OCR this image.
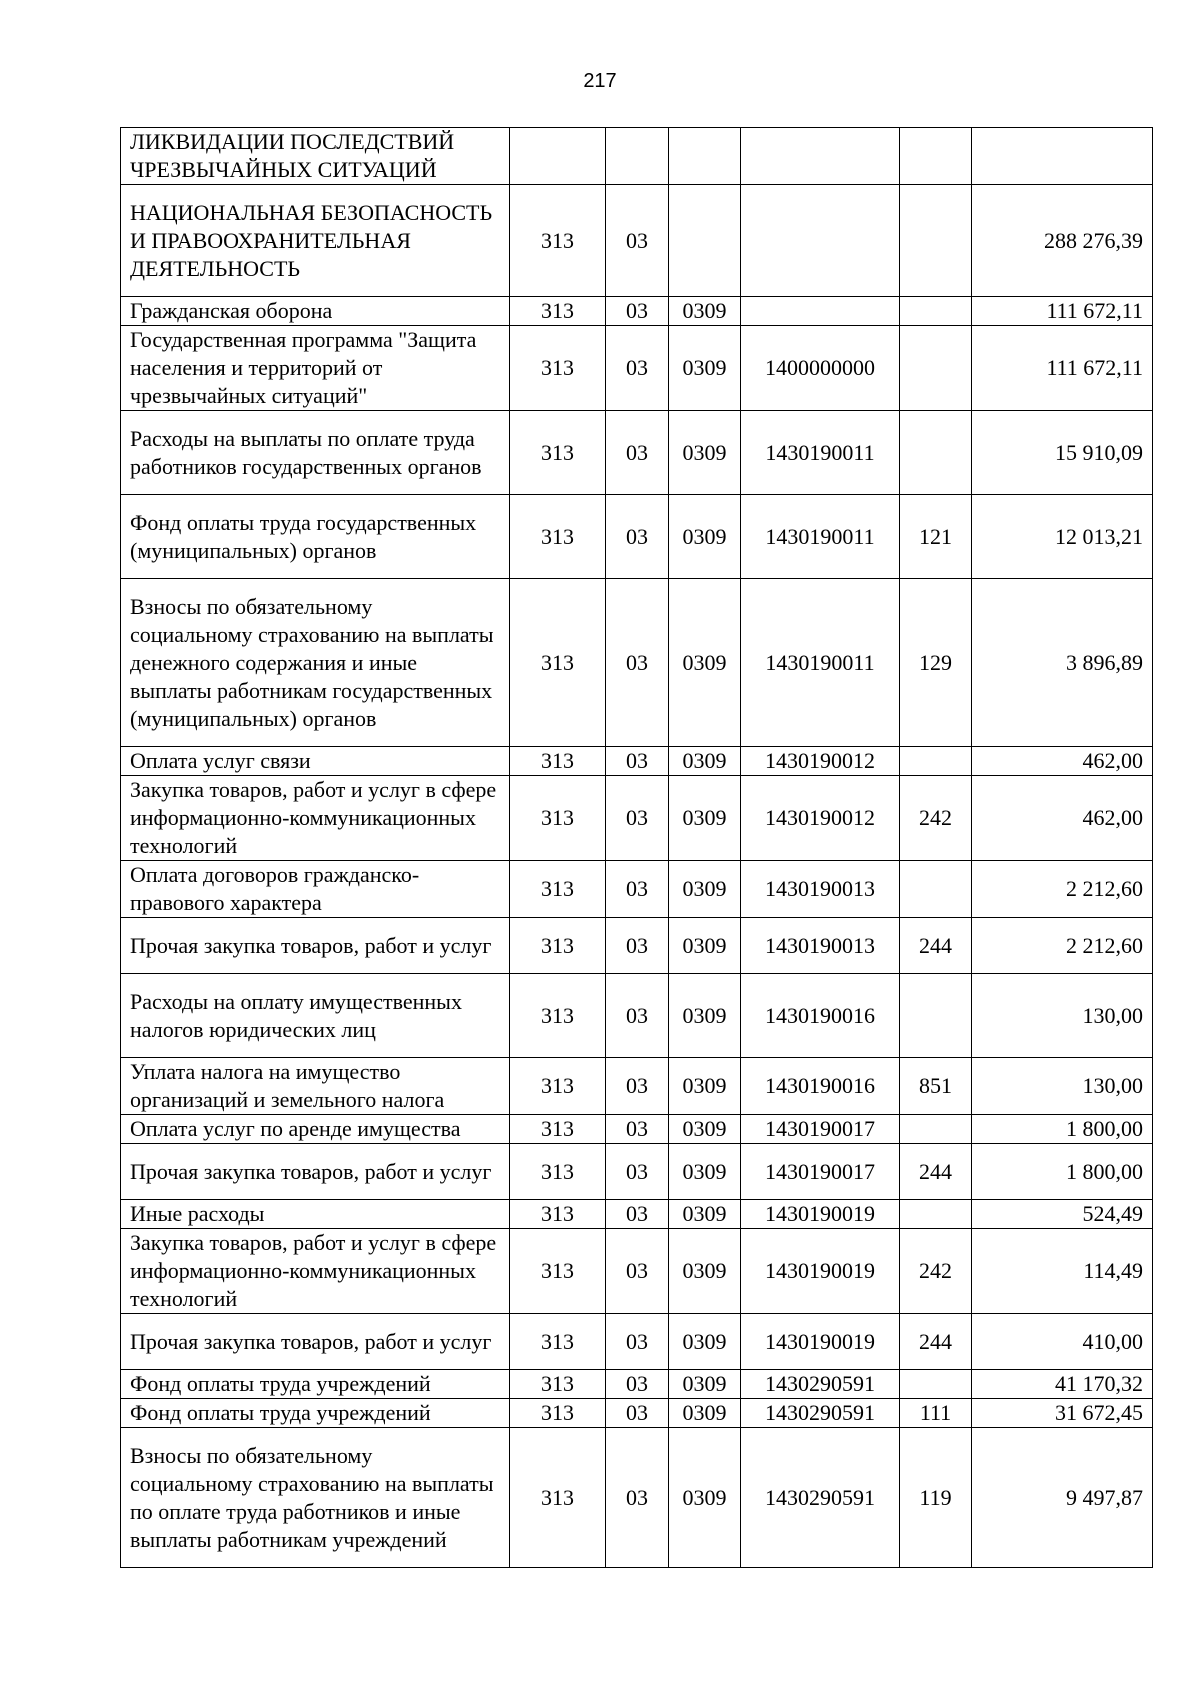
217
ЛИКВИДАЦИИ ПОСЛЕДСТВИЙ ЧРЕЗВЫЧАЙНЫХ СИТУАЦИЙ						
НАЦИОНАЛЬНАЯ БЕЗОПАСНОСТЬ И ПРАВООХРАНИТЕЛЬНАЯ ДЕЯТЕЛЬНОСТЬ	313	03				288 276,39
Гражданская оборона	313	03	0309			111 672,11
Государственная программа "Защита населения и территорий от чрезвычайных ситуаций"	313	03	0309	1400000000		111 672,11
Расходы на выплаты по оплате труда работников государственных органов	313	03	0309	1430190011		15 910,09
Фонд оплаты труда государственных (муниципальных) органов	313	03	0309	1430190011	121	12 013,21
Взносы по обязательному социальному страхованию на выплаты денежного содержания и иные выплаты работникам государственных (муниципальных) органов	313	03	0309	1430190011	129	3 896,89
Оплата услуг связи	313	03	0309	1430190012		462,00
Закупка товаров, работ и услуг в сфере информационно-коммуникационных технологий	313	03	0309	1430190012	242	462,00
Оплата договоров гражданско-правового характера	313	03	0309	1430190013		2 212,60
Прочая закупка товаров, работ и услуг	313	03	0309	1430190013	244	2 212,60
Расходы на оплату имущественных налогов юридических лиц	313	03	0309	1430190016		130,00
Уплата налога на имущество организаций и земельного налога	313	03	0309	1430190016	851	130,00
Оплата услуг по аренде имущества	313	03	0309	1430190017		1 800,00
Прочая закупка товаров, работ и услуг	313	03	0309	1430190017	244	1 800,00
Иные расходы	313	03	0309	1430190019		524,49
Закупка товаров, работ и услуг в сфере информационно-коммуникационных технологий	313	03	0309	1430190019	242	114,49
Прочая закупка товаров, работ и услуг	313	03	0309	1430190019	244	410,00
Фонд оплаты труда учреждений	313	03	0309	1430290591		41 170,32
Фонд оплаты труда учреждений	313	03	0309	1430290591	111	31 672,45
Взносы по обязательному социальному страхованию на выплаты по оплате труда работников и иные выплаты работникам учреждений	313	03	0309	1430290591	119	9 497,87
